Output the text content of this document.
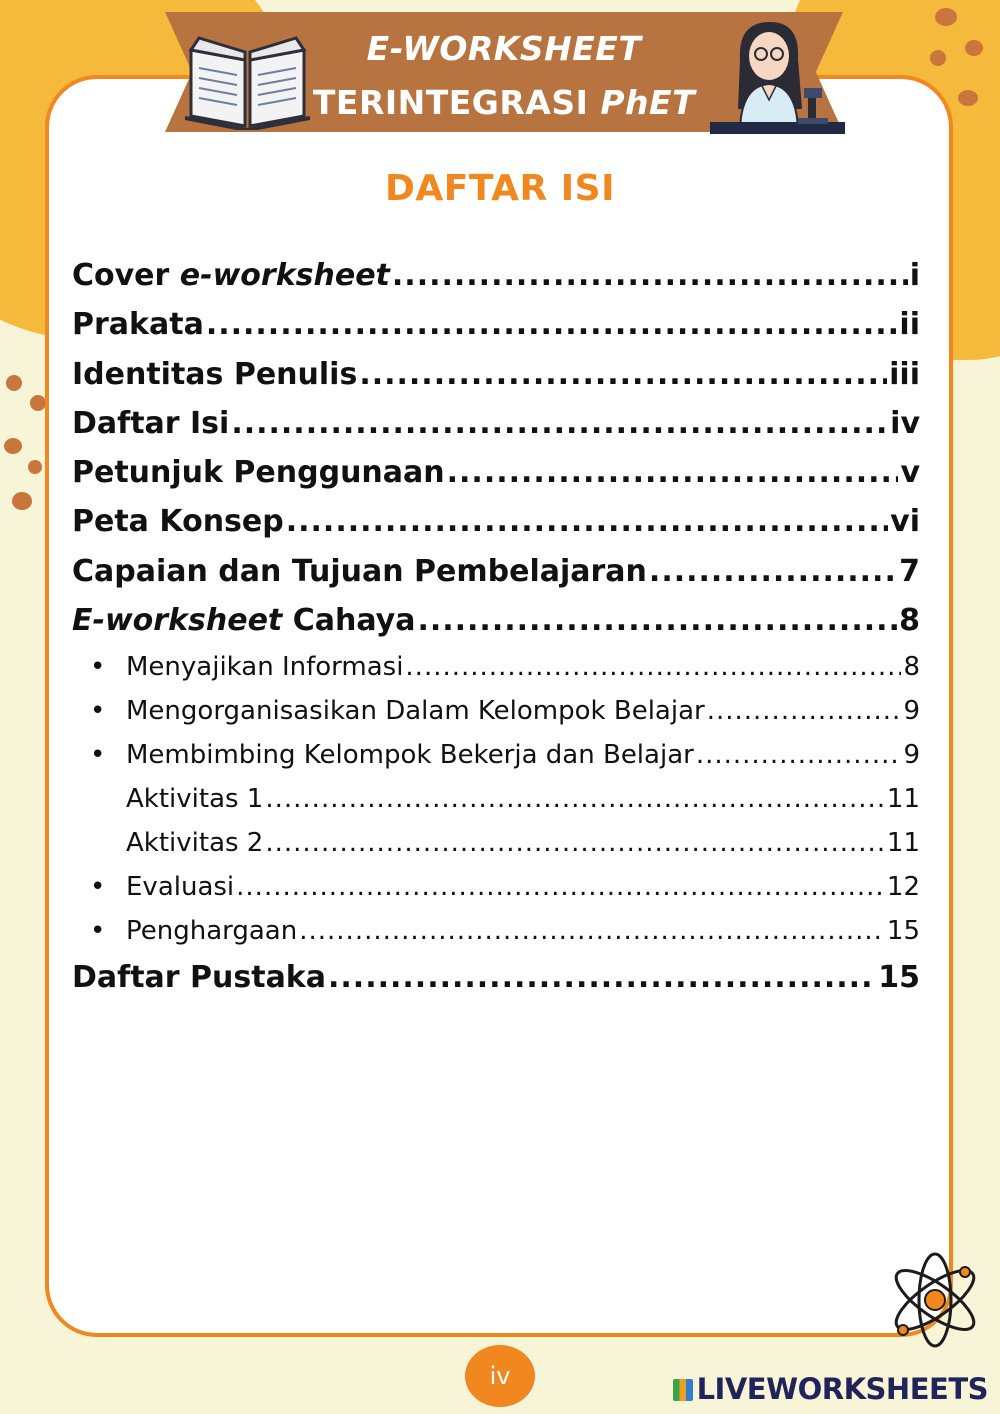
E-WORKSHEET
TERINTEGRASI PhET
DAFTAR ISI
Cover e-worksheet .....	i
Prakata .....	ii
Identitas Penulis .....	iii
Daftar Isi .....	iv
Petunjuk Penggunaan .....	v
Peta Konsep .....	vi
Capaian dan Tujuan Pembelajaran .....	7
E-worksheet Cahaya .....	8
• Menyajikan Informasi .....	8
• Mengorganisasikan Dalam Kelompok Belajar .....	9
• Membimbing Kelompok Bekerja dan Belajar .....	9
Aktivitas 1 .....	11
Aktivitas 2 .....	11
• Evaluasi .....	12
• Penghargaan .....	15
Daftar Pustaka .....	15
iv	LIVEWORKSHEETS
